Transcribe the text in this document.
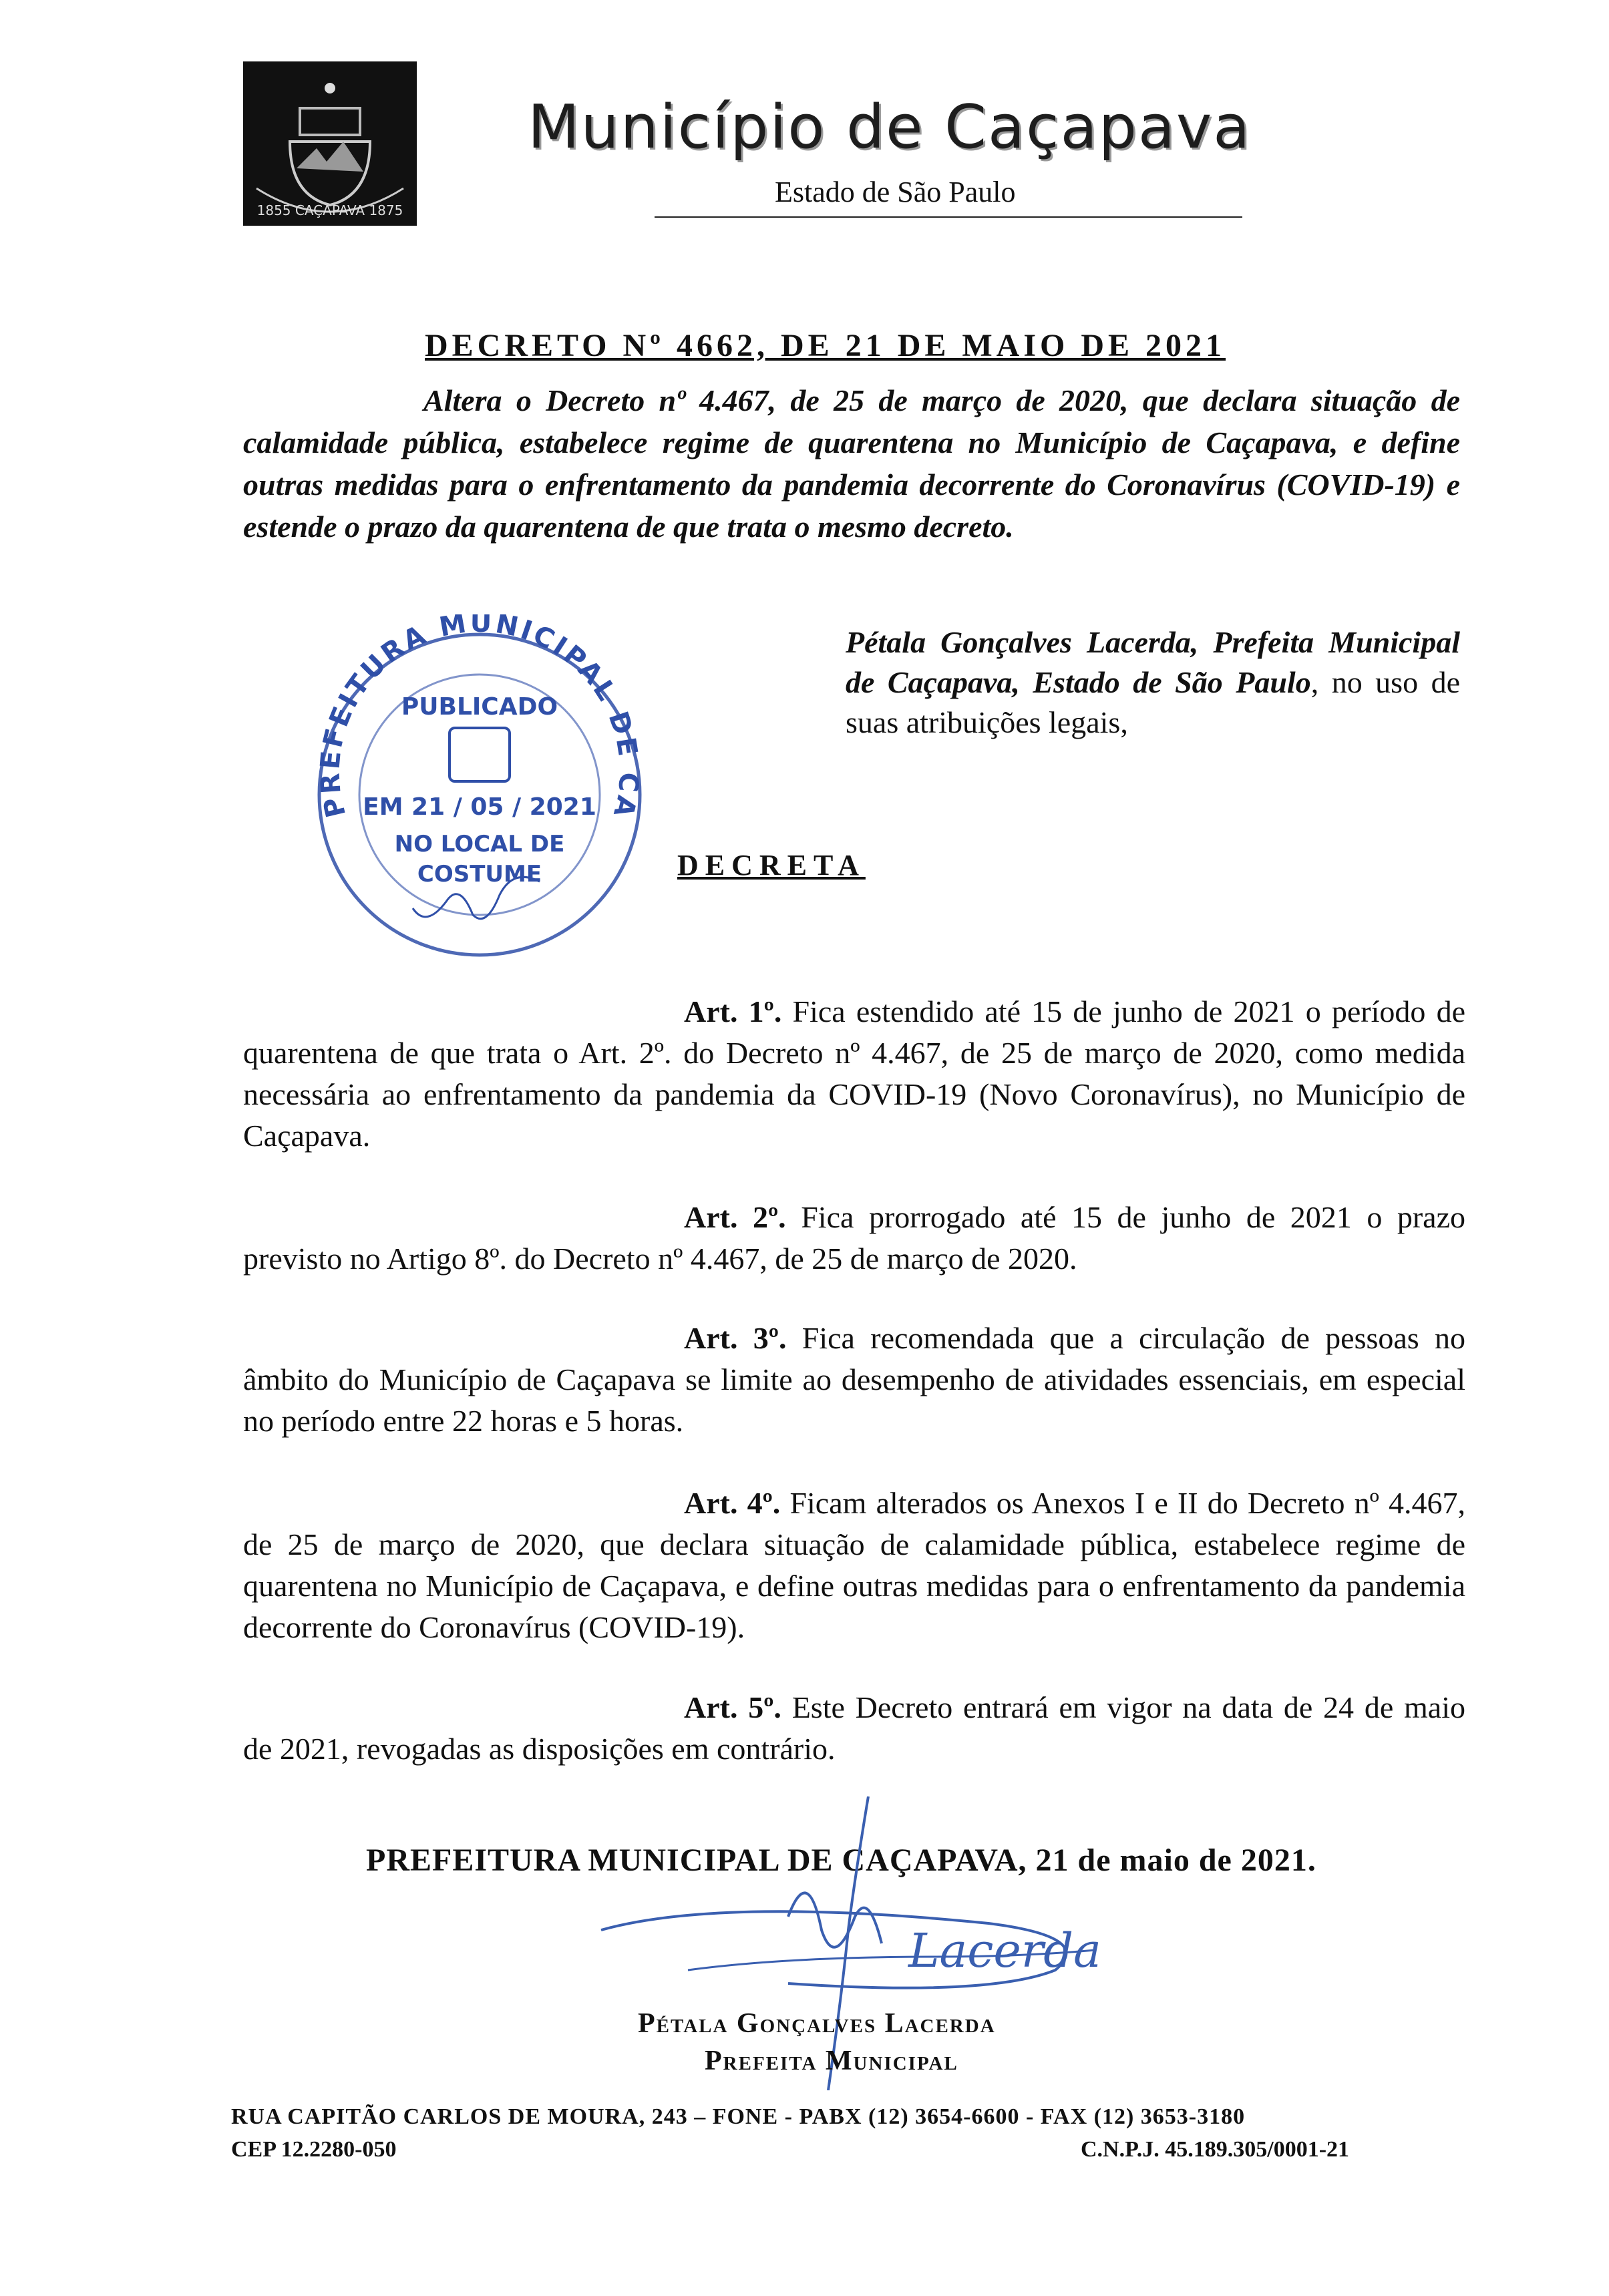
1855 CAÇAPAVA 1875
Município de Caçapava
Estado de São Paulo
DECRETO Nº 4662, DE 21 DE MAIO DE 2021
Altera o Decreto nº 4.467, de 25 de março de 2020, que declara situação de calamidade pública, estabelece regime de quarentena no Município de Caçapava, e define outras medidas para o enfrentamento da pandemia decorrente do Coronavírus (COVID-19) e estende o prazo da quarentena de que trata o mesmo decreto.
PREFEITURA MUNICIPAL DE CA
PUBLICADO
EM 21 / 05 / 2021
NO LOCAL DE
COSTUME
Pétala Gonçalves Lacerda, Prefeita Municipal de Caçapava, Estado de São Paulo, no uso de suas atribuições legais,
DECRETA
Art. 1º. Fica estendido até 15 de junho de 2021 o período de quarentena de que trata o Art. 2º. do Decreto nº 4.467, de 25 de março de 2020, como medida necessária ao enfrentamento da pandemia da COVID-19 (Novo Coronavírus), no Município de Caçapava.
Art. 2º. Fica prorrogado até 15 de junho de 2021 o prazo previsto no Artigo 8º. do Decreto nº 4.467, de 25 de março de 2020.
Art. 3º. Fica recomendada que a circulação de pessoas no âmbito do Município de Caçapava se limite ao desempenho de atividades essenciais, em especial no período entre 22 horas e 5 horas.
Art. 4º. Ficam alterados os Anexos I e II do Decreto nº 4.467, de 25 de março de 2020, que declara situação de calamidade pública, estabelece regime de quarentena no Município de Caçapava, e define outras medidas para o enfrentamento da pandemia decorrente do Coronavírus (COVID-19).
Art. 5º. Este Decreto entrará em vigor na data de 24 de maio de 2021, revogadas as disposições em contrário.
PREFEITURA MUNICIPAL DE CAÇAPAVA, 21 de maio de 2021.
Lacerda
Pétala Gonçalves Lacerda
Prefeita Municipal
RUA CAPITÃO CARLOS DE MOURA, 243 – FONE - PABX (12) 3654-6600 - FAX (12) 3653-3180
CEP 12.2280-050	C.N.P.J. 45.189.305/0001-21
